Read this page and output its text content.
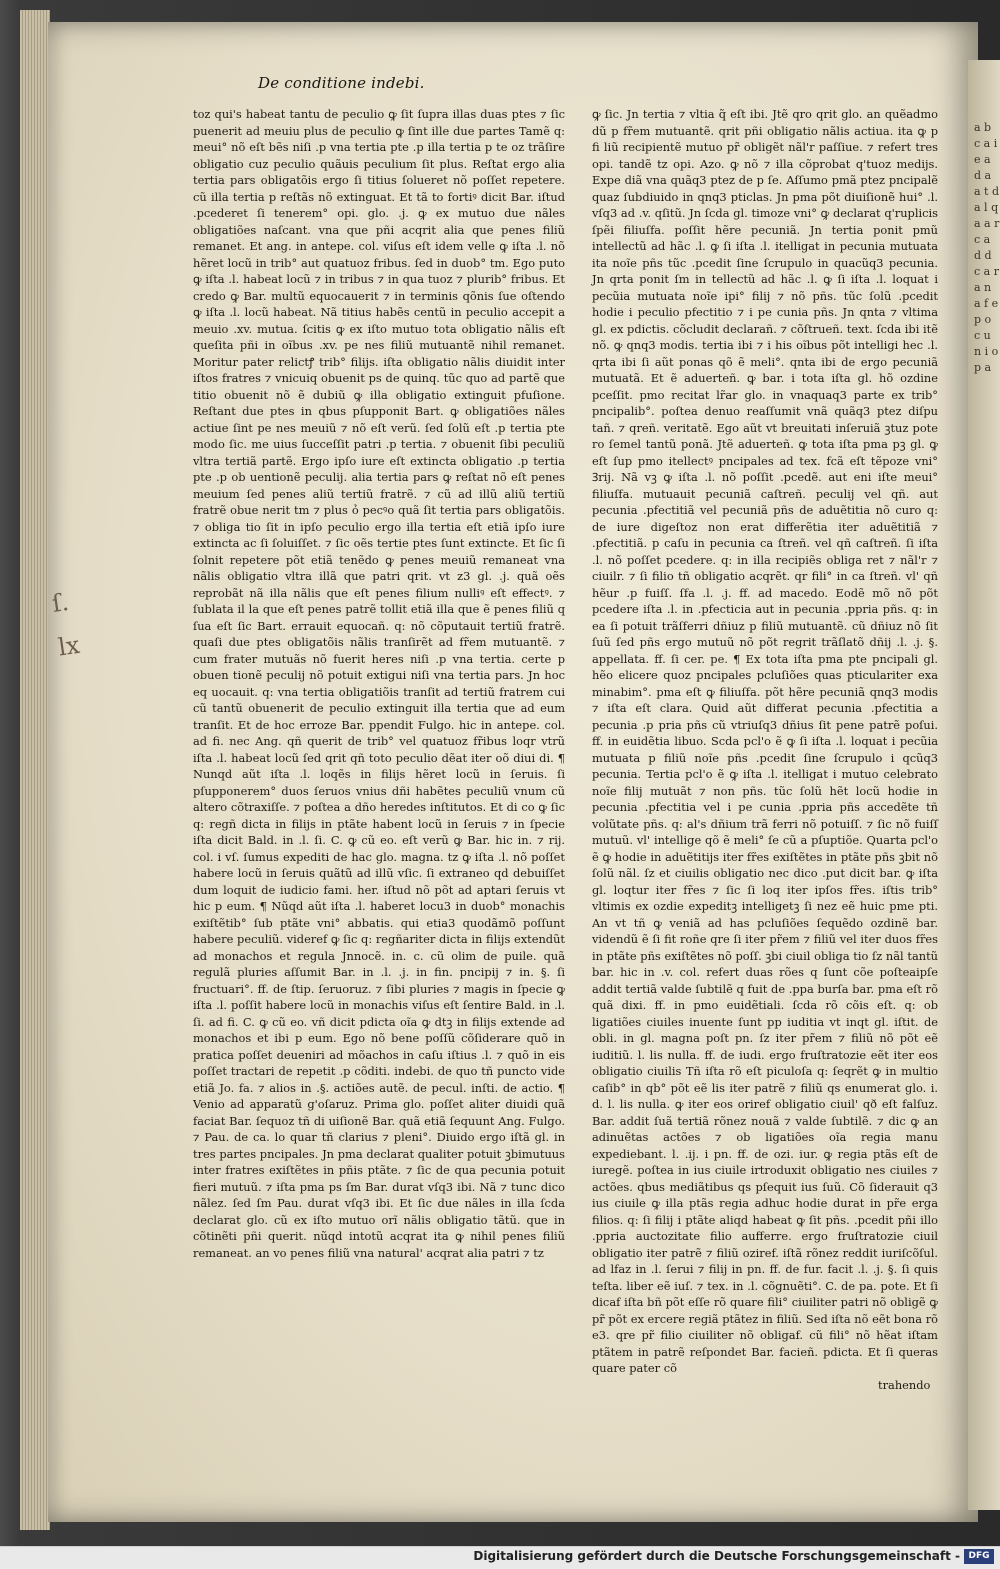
a b c a i e a d a a t d a l q a a r c a d d c a r a n a f e p o c u n i o p a
ſ. lx
De conditione indebi.

toz qui's habeat tantu de peculio ꝙ ſit ſupra illas duas ptes ⁊ ſic puenerit ad meuiu plus de peculio ꝙ ſint ille due partes Tamẽ q: meui° nõ eſt bẽs niſi .p vna tertia pte .p illa tertia p te oz trãſire obligatio cuz peculio quãuis peculium ſit plus. Reſtat ergo alia tertia pars obligatõis ergo ſi titius ſolueret nõ poſſet repetere. cũ illa tertia p reſtãs nõ extinguat. Et tã to fortiꝰ dicit Bar. iſtud .pcederet ſi tenerem° opi. glo. .j. ꝙ ex mutuo due nãles obligatiões naſcant. vna que pñi acqrit alia que penes filiũ remanet. Et ang. in antepe. col. viſus eſt idem velle ꝙ iſta .l. nõ hẽret locũ in trib° aut quatuoz fribus. ſed in duob° tm. Ego puto ꝙ iſta .l. habeat locũ ⁊ in tribus ⁊ in qua tuoz ⁊ plurib° fribus. Et credo ꝙ Bar. multũ equocauerit ⁊ in terminis qõnis ſue oſtendo ꝙ iſta .l. locũ habeat. Nã titius habẽs centũ in peculio accepit a meuio .xv. mutua. ſcitis ꝙ ex iſto mutuo tota obligatio nãlis eſt queſita pñi in oĩbus .xv. pe nes filiũ mutuantẽ nihil remanet. Moritur pater relictꝭ trib° filijs. iſta obligatio nãlis diuidit inter iſtos fratres ⁊ vnicuiq obuenit ps de quinq. tũc quo ad partẽ que titio obuenit nõ ẽ dubiũ ꝙ illa obligatio extinguit pfuſione. Reſtant due ptes in qbus pſupponit Bart. ꝙ obligatiões nãles actiue ſint pe nes meuiũ ⁊ nõ eſt verũ. ſed ſolũ eſt .p tertia pte modo ſic. me uius ſucceſſit patri .p tertia. ⁊ obuenit ſibi peculiũ vltra tertiã partẽ. Ergo ipſo iure eſt extincta obligatio .p tertia pte .p ob uentionẽ peculij. alia tertia pars ꝙ reſtat nõ eſt penes meuium ſed penes aliũ tertiũ fratrẽ. ⁊ cũ ad illũ aliũ tertiũ fratrẽ obue nerit tm ⁊ plus ỏ pecꝰo quã ſit tertia pars obligatõis. ⁊ obliga tio ſit in ipſo peculio ergo illa tertia eſt etiã ipſo iure extincta ac ſi ſoluiſſet. ⁊ ſic oẽs tertie ptes ſunt extincte. Et ſic ſi ſolnit repetere põt etiã tenẽdo ꝙ penes meuiũ remaneat vna nãlis obligatio vltra illã que patri qrit. vt z3 gl. .j. quã oẽs reprobãt nã illa nãlis que eſt penes filium nulliꝰ eſt effectꝰ. ⁊ ſublata il la que eſt penes patrẽ tollit etiã illa que ẽ penes filiũ q ſua eſt ſic Bart. errauit equocañ. q: nõ cõputauit tertiũ fratrẽ. quaſi due ptes obligatõis nãlis tranſirẽt ad fr̃em mutuantẽ. ⁊ cum frater mutuãs nõ fuerit heres niſi .p vna tertia. certe p obuen tionẽ peculij nõ potuit extigui niſi vna tertia pars. Jn hoc eq uocauit. q: vna tertia obligatiõis tranſit ad tertiũ fratrem cui cũ tantũ obuenerit de peculio extinguit illa tertia que ad eum tranſit. Et de hoc erroze Bar. ppendit Fulgo. hic in antepe. col. ad fi. nec Ang. qñ querit de trib° vel quatuoz fr̃ibus loqr vtrũ iſta .l. habeat locũ ſed qrit qñ toto peculio dẽat iter oõ diui di. ¶ Nunqd aũt iſta .l. loqẽs in filijs hẽret locũ in ſeruis. ſi pſupponerem° duos ſeruos vnius dñi habẽtes peculiũ vnum cũ altero cõtraxiſſe. ⁊ poſtea a dño heredes inſtitutos. Et di co ꝙ ſic q: regñ dicta in filijs in ptãte habent locũ in ſeruis ⁊ in ſpecie iſta dicit Bald. in .l. ſi. C. ꝙ cũ eo. eſt verũ ꝙ Bar. hic in. ⁊ rij. col. i vſ. ſumus expediti de hac glo. magna. tz ꝙ iſta .l. nõ poſſet habere locũ in ſeruis quãtũ ad illũ vſic. ſi extraneo qd debuiſſet dum loquit de iudicio fami. her. iſtud nõ põt ad aptari ſeruis vt hic p eum. ¶ Nũqd aũt iſta .l. haberet locu3 in duob° monachis exiſtẽtib° ſub ptãte vni° abbatis. qui etia3 quodãmõ poſſunt habere peculiũ. videref ꝙ ſic q: regñariter dicta in filijs extendũt ad monachos et regula Jnnocẽ. in. c. cũ olim de puile. quã regulã pluries aſſumit Bar. in .l. .j. in fin. pncipij ⁊ in. §. ſi fructuari°. ff. de ſtip. ſeruoruz. ⁊ ſibi pluries ⁊ magis in ſpecie ꝙ iſta .l. poſſit habere locũ in monachis viſus eſt ſentire Bald. in .l. ſi. ad fi. C. ꝙ cũ eo. vñ dicit pdicta oĩa ꝙ dtꝫ in filijs extende ad monachos et ibi p eum. Ego nõ bene poſſũ cõſiderare quõ in pratica poſſet deueniri ad mõachos in caſu iſtius .l. ⁊ quõ in eis poſſet tractari de repetit .p cõditi. indebi. de quo tñ puncto vide etiã Jo. fa. ⁊ alios in .§. actiões autẽ. de pecul. inſti. de actio. ¶ Venio ad apparatũ g'oſaruz. Prima glo. poſſet aliter diuidi quã faciat Bar. ſequoz tñ di uiſionẽ Bar. quã etiã ſequunt Ang. Fulgo. ⁊ Pau. de ca. lo quar tñ clarius ⁊ pleni°. Diuido ergo iſtã gl. in tres partes pncipales. Jn pma declarat qualiter potuit ꝫbimutuus inter fratres exiſtẽtes in pñis ptãte. ⁊ ſic de qua pecunia potuit fieri mutuũ. ⁊ iſta pma ps ſm Bar. durat vſq3 ibi. Nã ⁊ tunc dico nãlez. ſed ſm Pau. durat vſq3 ibi. Et ſic due nãles in illa ſcda declarat glo. cũ ex iſto mutuo orĩ nãlis obligatio tãtũ. que in cõtinẽti pñi querit. nũqd intotũ acqrat ita ꝙ nihil penes filiũ remaneat. an vo penes filiũ vna natural' acqrat alia patri ⁊ tz

ꝙ ſic. Jn tertia ⁊ vltia q̃ eſt ibi. Jtẽ qro qrit glo. an quẽadmo dũ p fr̃em mutuantẽ. qrit pñi obligatio nãlis actiua. ita ꝙ p fi liũ recipientẽ mutuo pr̃ obligẽt nãl'r paſſiue. ⁊ refert tres opi. tandẽ tz opi. Azo. ꝙ nõ ⁊ illa cõprobat q'tuoz medijs. Expe diã vna quãq3 ptez de p ſe. Aſſumo pmã ptez pncipalẽ quaz ſubdiuido in qnq3 pticlas. Jn pma põt diuiſionẽ hui° .l. vſq3 ad .v. qſitũ. Jn ſcda gl. timoze vni° ꝙ declarat q'ruplicis ſpẽi filiuſfa. poſſit hẽre pecuniã. Jn tertia ponit pmũ intellectũ ad hãc .l. ꝙ ſi iſta .l. itelligat in pecunia mutuata ita noĩe pñs tũc .pcedit ſine ſcrupulo in quacũq3 pecunia. Jn qrta ponit ſm in tellectũ ad hãc .l. ꝙ ſi iſta .l. loquat i pecũia mutuata noĩe ipi° filij ⁊ nõ pñs. tũc ſolũ .pcedit hodie i peculio pfectitio ⁊ i pe cunia pñs. Jn qnta ⁊ vltima gl. ex pdictis. cõcludit declarañ. ⁊ cõſtrueñ. text. ſcda ibi itẽ nõ. ꝙ qnq3 modis. tertia ibi ⁊ i his oĩbus põt intelligi hec .l. qrta ibi ſi aũt ponas qõ ẽ meli°. qnta ibi de ergo pecuniã mutuatã. Et ẽ aduerteñ. ꝙ bar. i tota iſta gl. hõ ozdine pceſſit. pmo recitat lr̃ar glo. in vnaquaq3 parte ex trib° pncipalib°. poſtea denuo reaſſumit vnã quãq3 ptez diſpu tañ. ⁊ qreñ. veritatẽ. Ego aũt vt breuitati inſeruiã ꝫtuz pote ro ſemel tantũ ponã. Jtẽ aduerteñ. ꝙ tota iſta pma pꝫ gl. ꝙ eſt ſup pmo itellectꝰ pncipales ad tex. fcã eſt tẽpoze vni° Ꝫrij. Nã vꝫ ꝙ iſta .l. nõ poſſit .pcedẽ. aut eni iſte meui° filiuſfa. mutuauit pecuniã caſtreñ. peculij vel qñ. aut pecunia .pfectitiã vel pecuniã pñs de aduẽtitia nõ curo q: de iure digeſtoz non erat differẽtia iter aduẽtitiã ⁊ .pfectitiã. p caſu in pecunia ca ſtreñ. vel qñ caſtreñ. ſi iſta .l. nõ poſſet pcedere. q: in illa recipiẽs obliga ret ⁊ nãl'r ⁊ ciuilr. ⁊ ſi filio tñ obligatio acqrẽt. qr fili° in ca ſtreñ. vl' qñ hẽur .p fuiſſ. ſfa .l. .j. ff. ad macedo. Eodẽ mõ nõ põt pcedere iſta .l. in .pfecticia aut in pecunia .ppria pñs. q: in ea ſi potuit trãſferri dñiuz p filiũ mutuantẽ. cũ dñiuz nõ ſit ſuũ ſed pñs ergo mutuũ nõ põt regrit trãſlatõ dñij .l. .j. §. appellata. ff. ſi cer. pe. ¶ Ex tota iſta pma pte pncipali gl. hẽo elicere quoz pncipales pcluſiões quas pticulariter exa minabim°. pma eſt ꝙ filiuſfa. põt hẽre pecuniã qnq3 modis ⁊ iſta eſt clara. Quid aũt differat pecunia .pfectitia a pecunia .p pria pñs cũ vtriuſq3 dñius ſit pene patrẽ poſui. ff. in euidẽtia libuo. Scda pcl'o ẽ ꝙ ſi iſta .l. loquat i pecũia mutuata p filiũ noĩe pñs .pcedit ſine ſcrupulo i qcũq3 pecunia. Tertia pcl'o ẽ ꝙ iſta .l. itelligat i mutuo celebrato noĩe filij mutuãt ⁊ non pñs. tũc ſolũ hẽt locũ hodie in pecunia .pfectitia vel i pe cunia .ppria pñs accedẽte tñ volũtate pñs. q: al's dñium trã ferri nõ potuiſſ. ⁊ ſic nõ fuiſſ mutuũ. vl' intellige qõ ẽ meli° ſe cũ a pſuptiõe. Quarta pcl'o ẽ ꝙ hodie in aduẽtitijs iter fr̃es exiſtẽtes in ptãte pñs ꝫbit nõ ſolũ nãl. ſz et ciuilis obligatio nec dico .put dicit bar. ꝙ iſta gl. loqtur iter fr̃es ⁊ ſic ſi loq iter ipſos fr̃es. iſtis trib° vltimis ex ozdie expeditꝫ intelligetꝫ ſi nez eẽ huic pme pti. An vt tñ ꝙ veniã ad has pcluſiões ſequẽdo ozdinẽ bar. videndũ ẽ ſi fit roñe qre ſi iter pr̃em ⁊ filiũ vel iter duos fr̃es in ptãte pñs exiſtẽtes nõ poſſ. ꝫbi ciuil obliga tio ſz nãl tantũ bar. hic in .v. col. refert duas rões q ſunt cõe poſteaipſe addit tertiã valde ſubtilẽ q fuit de .ppa burſa bar. pma eſt rõ quã dixi. ff. in pmo euidẽtiali. ſcda rõ cõis eſt. q: ob ligatiões ciuiles inuente ſunt pp iuditia vt inqt gl. iſtit. de obli. in gl. magna poſt pn. ſz iter pr̃em ⁊ filiũ nõ põt eẽ iuditiũ. l. lis nulla. ff. de iudi. ergo fruſtratozie eẽt iter eos obligatio ciuilis Tñ iſta rõ eſt piculoſa q: ſeqrẽt ꝙ in multio caſib° in qb° põt eẽ lis iter patrẽ ⁊ filiũ qs enumerat glo. i. d. l. lis nulla. ꝙ iter eos oriref obligatio ciuil' qð eſt falſuz. Bar. addit ſuã tertiã rõnez nouã ⁊ valde ſubtilẽ. ⁊ dic ꝙ an adinuẽtas actões ⁊ ob ligatiões oĩa regia manu expediebant. l. .ij. i pn. ff. de ozi. iur. ꝙ regia ptãs eſt de iuregẽ. poſtea in ius ciuile irtroduxit obligatio nes ciuiles ⁊ actões. qbus mediãtibus qs pſequit ius ſuũ. Cõ ſiderauit q3 ius ciuile ꝙ illa ptãs regia adhuc hodie durat in pr̃e erga filios. q: ſi filij i ptãte aliqd habeat ꝙ ſit pñs. .pcedit pñi illo .ppria auctozitate filio aufferre. ergo fruſtratozie ciuil obligatio iter patrẽ ⁊ filiũ oziref. iſtã rõnez reddit iuriſcõſul. ad lfaz in .l. ſerui ⁊ filij in pn. ff. de fur. facit .l. .j. §. ſi quis teſta. liber eẽ iuſ. ⁊ tex. in .l. cõgnuẽti°. C. de pa. pote. Et ſi dicaf iſta bñ põt eſſe rõ quare fili° ciuiliter patri nõ obligẽ ꝙ pr̃ põt ex ercere regiã ptãtez in filiũ. Sed iſta nõ eẽt bona rõ e3. qre pr̃ filio ciuiliter nõ obligaf. cũ fili° nõ hẽat iſtam ptãtem in patrẽ reſpondet Bar. facieñ. pdicta. Et ſi queras quare pater cõ

trahendo
Digitalisierung gefördert durch die Deutsche Forschungsgemeinschaft - DFG
